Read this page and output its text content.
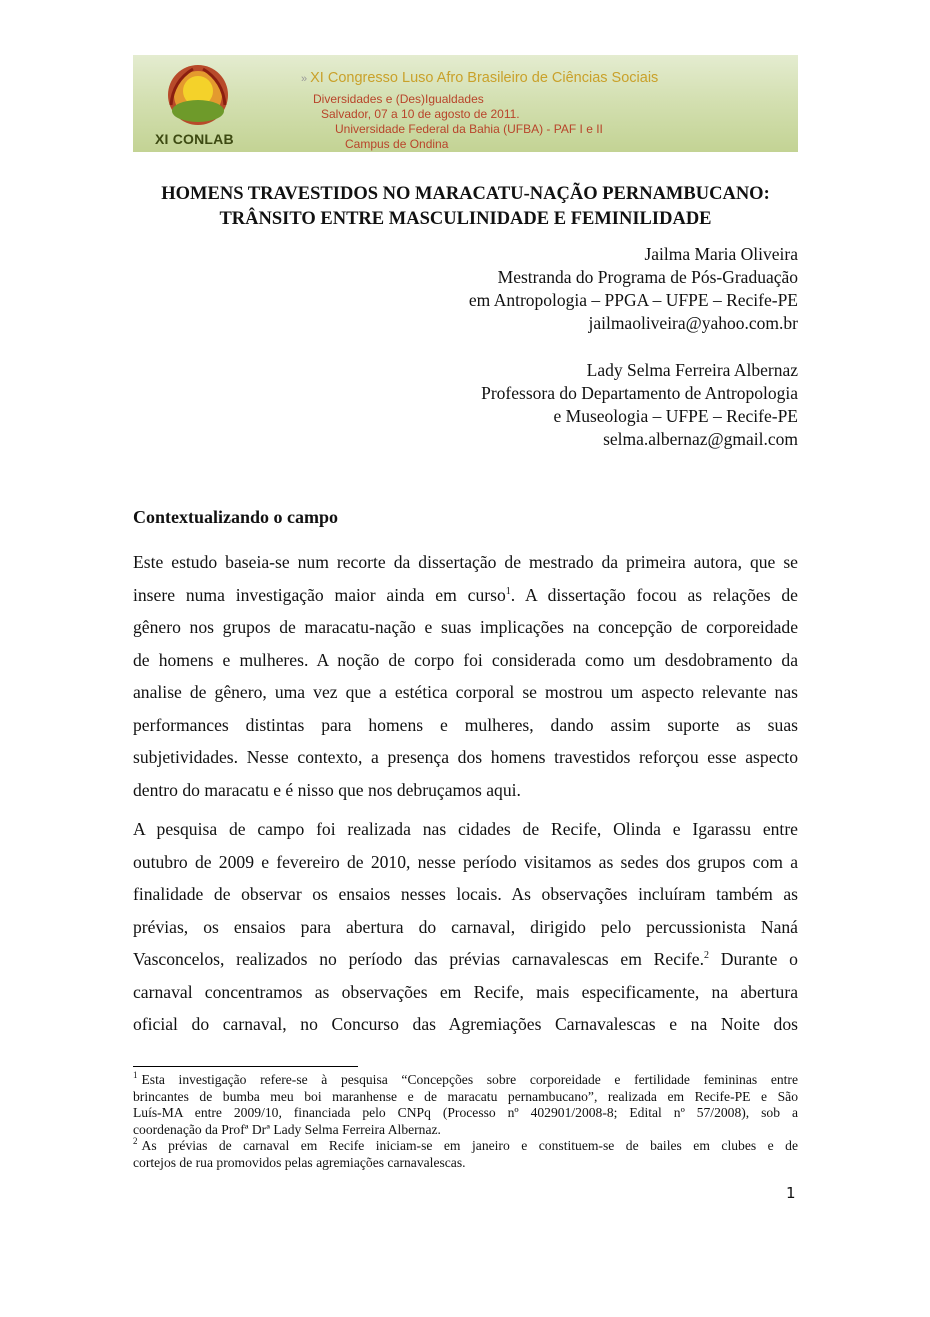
XI CONLAB
» XI Congresso Luso Afro Brasileiro de Ciências Sociais
Diversidades e (Des)Igualdades
Salvador, 07 a 10 de agosto de 2011.
Universidade Federal da Bahia (UFBA) - PAF I e II
Campus de Ondina
HOMENS TRAVESTIDOS NO MARACATU-NAÇÃO PERNAMBUCANO:
TRÂNSITO ENTRE MASCULINIDADE E FEMINILIDADE
Jailma Maria Oliveira
Mestranda do Programa de Pós-Graduação
em Antropologia – PPGA – UFPE – Recife-PE
jailmaoliveira@yahoo.com.br
Lady Selma Ferreira Albernaz
Professora do Departamento de Antropologia
e Museologia – UFPE – Recife-PE
selma.albernaz@gmail.com
Contextualizando o campo
Este estudo baseia-se num recorte da dissertação de mestrado da primeira autora, que se
insere numa investigação maior ainda em curso$^1$. A dissertação focou as relações de
gênero nos grupos de maracatu-nação e suas implicações na concepção de corporeidade
de homens e mulheres. A noção de corpo foi considerada como um desdobramento da
analise de gênero, uma vez que a estética corporal se mostrou um aspecto relevante nas
performances distintas para homens e mulheres, dando assim suporte as suas
subjetividades. Nesse contexto, a presença dos homens travestidos reforçou esse aspecto
dentro do maracatu e é nisso que nos debruçamos aqui.
A pesquisa de campo foi realizada nas cidades de Recife, Olinda e Igarassu entre
outubro de 2009 e fevereiro de 2010, nesse período visitamos as sedes dos grupos com a
finalidade de observar os ensaios nesses locais. As observações incluíram também as
prévias, os ensaios para abertura do carnaval, dirigido pelo percussionista Naná
Vasconcelos, realizados no período das prévias carnavalescas em Recife.$^2$ Durante o
carnaval concentramos as observações em Recife, mais especificamente, na abertura
oficial do carnaval, no Concurso das Agremiações Carnavalescas e na Noite dos
$^1$ Esta investigação refere-se à pesquisa “Concepções sobre corporeidade e fertilidade femininas entre
brincantes de bumba meu boi maranhense e de maracatu pernambucano”, realizada em Recife-PE e São
Luís-MA entre 2009/10, financiada pelo CNPq (Processo nº 402901/2008-8; Edital nº 57/2008), sob a
coordenação da Profª Drª Lady Selma Ferreira Albernaz.
$^2$ As prévias de carnaval em Recife iniciam-se em janeiro e constituem-se de bailes em clubes e de
cortejos de rua promovidos pelas agremiações carnavalescas.
1
